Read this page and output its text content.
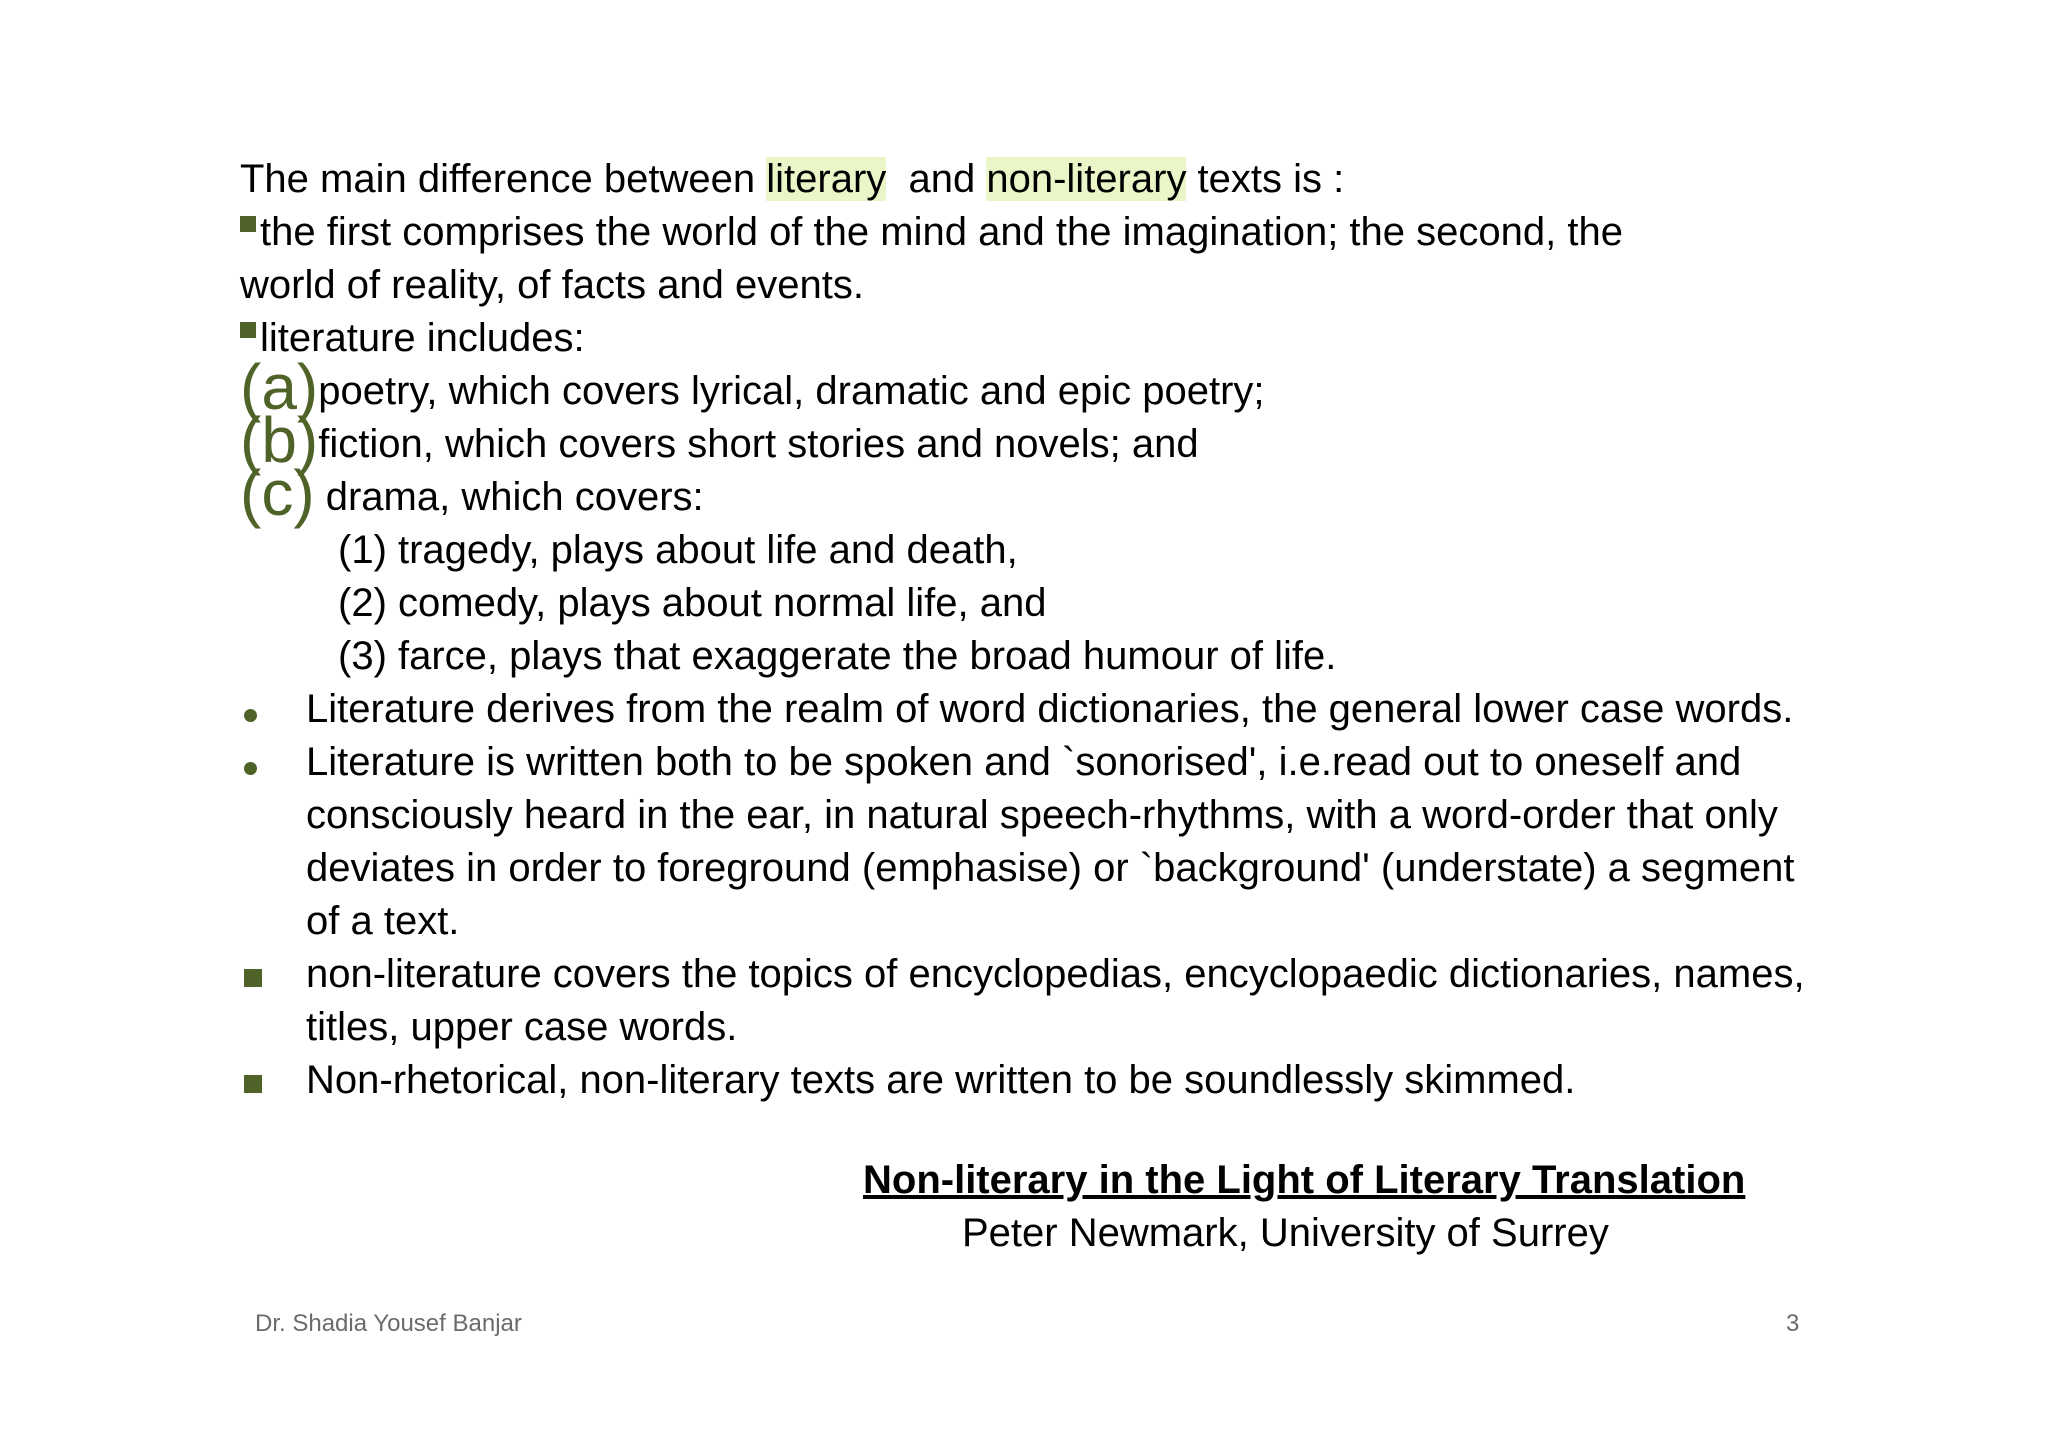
The main difference between literary  and non-literary texts is :
the first comprises the world of the mind and the imagination; the second, the
world of reality, of facts and events.
literature includes:
(a)poetry, which covers lyrical, dramatic and epic poetry;
(b)fiction, which covers short stories and novels; and
(c) drama, which covers:
(1) tragedy, plays about life and death,
(2) comedy, plays about normal life, and
(3) farce, plays that exaggerate the broad humour of life.
Literature derives from the realm of word dictionaries, the general lower case words.
Literature is written both to be spoken and `sonorised', i.e.read out to oneself and consciously heard in the ear, in natural speech-rhythms, with a word-order that only deviates in order to foreground (emphasise) or `background' (understate) a segment of a text.
non-literature covers the topics of encyclopedias, encyclopaedic dictionaries, names, titles, upper case words.
Non-rhetorical, non-literary texts are written to be soundlessly skimmed.
Non-literary in the Light of Literary Translation
Peter Newmark, University of Surrey
Dr. Shadia Yousef Banjar	3
